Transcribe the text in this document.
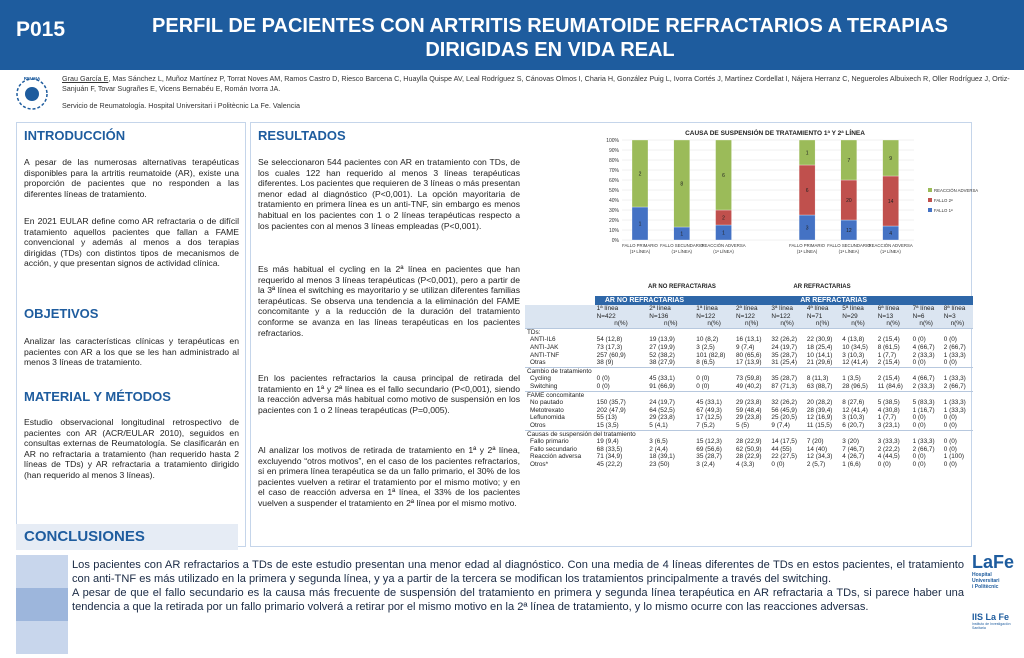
P015	PERFIL DE PACIENTES CON ARTRITIS REUMATOIDE REFRACTARIOS A TERAPIAS DIRIGIDAS EN VIDA REAL
REUMA	Grau García E, Mas Sánchez L, Muñoz Martínez P, Torrat Noves AM, Ramos Castro D, Riesco Barcena C, Huaylla Quispe AV, Leal Rodríguez S, Cánovas Olmos I, Charia H, González Puig L, Ivorra Cortés J, Martínez Cordellat I, Nájera Herranz C, Negueroles Albuixech R, Oller Rodríguez J, Ortiz-Sanjuán F, Tovar Sugrañes E, Vicens Bernabéu E, Román Ivorra JA.
Servicio de Reumatología. Hospital Universitari i Politècnic La Fe. Valencia
INTRODUCCIÓN
A pesar de las numerosas alternativas terapéuticas disponibles para la artritis reumatoide (AR), existe una proporción de pacientes que no responden a las diferentes líneas de tratamiento.
En 2021 EULAR define como AR refractaria o de difícil tratamiento aquellos pacientes que fallan a FAME convencional y además al menos a dos terapias dirigidas (TDs) con distintos tipos de mecanismos de acción, y que presentan signos de actividad clínica.
OBJETIVOS
Analizar las características clínicas y terapéuticas en pacientes con AR a los que se les han administrado al menos 3 líneas de tratamiento.
MATERIAL Y MÉTODOS
Estudio observacional longitudinal retrospectivo de pacientes con AR (ACR/EULAR 2010), seguidos en consultas externas de Reumatología. Se clasificarán en AR no refractaria a tratamiento (han requerido hasta 2 líneas de TDs) y AR refractaria a tratamiento dirigido (han requerido al menos 3 líneas).
RESULTADOS
Se seleccionaron 544 pacientes con AR en tratamiento con TDs, de los cuales 122 han requerido al menos 3 líneas terapéuticas diferentes. Los pacientes que requieren de 3 líneas o más presentan menor edad al diagnóstico (P<0,001). La opción mayoritaria de tratamiento en primera línea es un anti-TNF, sin embargo es menos habitual en los pacientes con 1 o 2 líneas terapéuticas respecto a los pacientes con al menos 3 líneas empleadas (P<0,001).
Es más habitual el cycling en la 2ª línea en pacientes que han requerido al menos 3 líneas terapéuticas (P<0,001), pero a partir de la 3ª línea el switching es mayoritario y se utilizan diferentes familias terapéuticas. Se observa una tendencia a la eliminación del FAME concomitante y a la reducción de la duración del tratamiento conforme se avanza en las líneas terapéuticas en los pacientes refractarios.
En los pacientes refractarios la causa principal de retirada del tratamiento en 1ª y 2ª línea es el fallo secundario (P<0,001), siendo la reacción adversa más habitual como motivo de suspensión en los pacientes con 1 o 2 líneas terapéuticas (P=0,005).
Al analizar los motivos de retirada de tratamiento en 1ª y 2ª línea, excluyendo “otros motivos”, en el caso de los pacientes refractarios, si en primera línea terapéutica se da un fallo primario, el 30% de los pacientes vuelven a retirar el tratamiento por el mismo motivo; y en el caso de reacción adversa en 1ª línea, el 33% de los pacientes vuelven a suspender el tratamiento en 2ª línea por el mismo motivo.
CAUSA DE SUSPENSIÓN DE TRATAMIENTO 1ª Y 2ª LÍNEA
0%
10%
20%
30%
40%
50%
60%
70%
80%
90%
100%
1
2
FALLO PRIMARIO
(1ª LÍNEA)
1
8
FALLO SECUNDARIO
(1ª LÍNEA)
1
2
6
REACCIÓN ADVERSA
(1ª LÍNEA)
AR NO REFRACTARIAS
3
6
1
FALLO PRIMARIO
(1ª LÍNEA)
12
20
7
FALLO SECUNDARIO
(1ª LÍNEA)
4
14
9
REACCIÓN ADVERSA
(1ª LÍNEA)
AR REFRACTARIAS
REACCIÓN ADVERSA
FALLO 2ª
FALLO 1ª
	AR NO REFRACTARIAS		AR REFRACTARIAS							
	1ª línea	2ª línea	1ª línea	2ª línea	3ª línea	4ª línea	5ª línea	6ª línea	7ª línea	8ª línea
	N=422	N=136	N=122	N=122	N=122	N=71	N=29	N=13	N=6	N=3
	n(%)	n(%)	n(%)	n(%)	n(%)	n(%)	n(%)	n(%)	n(%)	n(%)
TDs:										
ANTI-IL6	54 (12,8)	19 (13,9)	10 (8,2)	16 (13,1)	32 (26,2)	22 (30,9)	4 (13,8)	2 (15,4)	0 (0)	0 (0)
ANTI-JAK	73 (17,3)	27 (19,9)	3 (2,5)	9 (7,4)	24 (19,7)	18 (25,4)	10 (34,5)	8 (61,5)	4 (66,7)	2 (66,7)
ANTI-TNF	257 (60,9)	52 (38,2)	101 (82,8)	80 (65,6)	35 (28,7)	10 (14,1)	3 (10,3)	1 (7,7)	2 (33,3)	1 (33,3)
Otras	38 (9)	38 (27,9)	8 (6,5)	17 (13,9)	31 (25,4)	21 (29,6)	12 (41,4)	2 (15,4)	0 (0)	0 (0)
Cambio de tratamiento										
Cycling	0 (0)	45 (33,1)	0 (0)	73 (59,8)	35 (28,7)	8 (11,3)	1 (3,5)	2 (15,4)	4 (66,7)	1 (33,3)
Switching	0 (0)	91 (66,9)	0 (0)	49 (40,2)	87 (71,3)	63 (88,7)	28 (96,5)	11 (84,6)	2 (33,3)	2 (66,7)
FAME concomitante										
No pautado	150 (35,7)	24 (19,7)	45 (33,1)	29 (23,8)	32 (26,2)	20 (28,2)	8 (27,6)	5 (38,5)	5 (83,3)	1 (33,3)
Metotrexato	202 (47,9)	64 (52,5)	67 (49,3)	59 (48,4)	56 (45,9)	28 (39,4)	12 (41,4)	4 (30,8)	1 (16,7)	1 (33,3)
Leflunomida	55 (13)	29 (23,8)	17 (12,5)	29 (23,8)	25 (20,5)	12 (16,9)	3 (10,3)	1 (7,7)	0 (0)	0 (0)
Otros	15 (3,5)	5 (4,1)	7 (5,2)	5 (5)	9 (7,4)	11 (15,5)	6 (20,7)	3 (23,1)	0 (0)	0 (0)
Causas de suspensión del tratamiento										
Fallo primario	19 (9,4)	3 (6,5)	15 (12,3)	28 (22,9)	14 (17,5)	7 (20)	3 (20)	3 (33,3)	1 (33,3)	0 (0)
Fallo secundario	68 (33,5)	2 (4,4)	69 (56,6)	62 (50,9)	44 (55)	14 (40)	7 (46,7)	2 (22,2)	2 (66,7)	0 (0)
Reacción adversa	71 (34,9)	18 (39,1)	35 (28,7)	28 (22,9)	22 (27,5)	12 (34,3)	4 (26,7)	4 (44,5)	0 (0)	1 (100)
Otros*	45 (22,2)	23 (50)	3 (2,4)	4 (3,3)	0 (0)	2 (5,7)	1 (6,6)	0 (0)	0 (0)	0 (0)
CONCLUSIONES
Los pacientes con AR refractarios a TDs de este estudio presentan una menor edad al diagnóstico. Con una media de 4 líneas diferentes de TDs en estos pacientes, el tratamiento con anti-TNF es más utilizado en la primera y segunda línea, y ya a partir de la tercera se modifican los tratamientos principalmente a través del switching.
A pesar de que el fallo secundario es la causa más frecuente de suspensión del tratamiento en primera y segunda línea terapéutica en AR refractaria a TDs, si parece haber una tendencia a que la retirada por un fallo primario volverá a retirar por el mismo motivo en la 2ª línea de tratamiento, y lo mismo ocurre con las reacciones adversas.
LaFe
Hospital
Universitari
i Politècnic
IIS La Fe
Instituto de Investigación Sanitaria
